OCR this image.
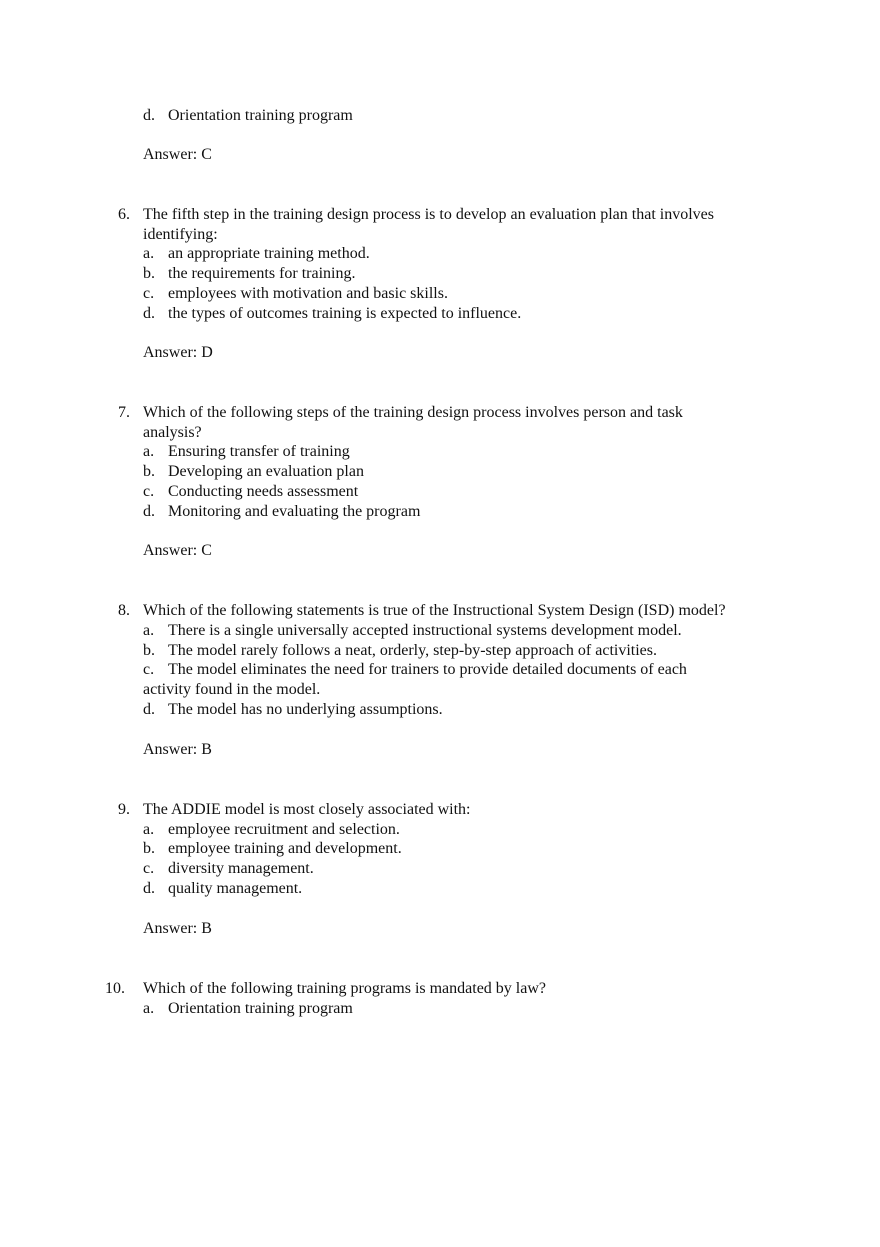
d. Orientation training program
Answer: C
6. The fifth step in the training design process is to develop an evaluation plan that involves
identifying:
a. an appropriate training method.
b. the requirements for training.
c. employees with motivation and basic skills.
d. the types of outcomes training is expected to influence.
Answer: D
7. Which of the following steps of the training design process involves person and task
analysis?
a. Ensuring transfer of training
b. Developing an evaluation plan
c. Conducting needs assessment
d. Monitoring and evaluating the program
Answer: C
8. Which of the following statements is true of the Instructional System Design (ISD) model?
a. There is a single universally accepted instructional systems development model.
b. The model rarely follows a neat, orderly, step-by-step approach of activities.
c. The model eliminates the need for trainers to provide detailed documents of each
activity found in the model.
d. The model has no underlying assumptions.
Answer: B
9. The ADDIE model is most closely associated with:
a. employee recruitment and selection.
b. employee training and development.
c. diversity management.
d. quality management.
Answer: B
10. Which of the following training programs is mandated by law?
a. Orientation training program
